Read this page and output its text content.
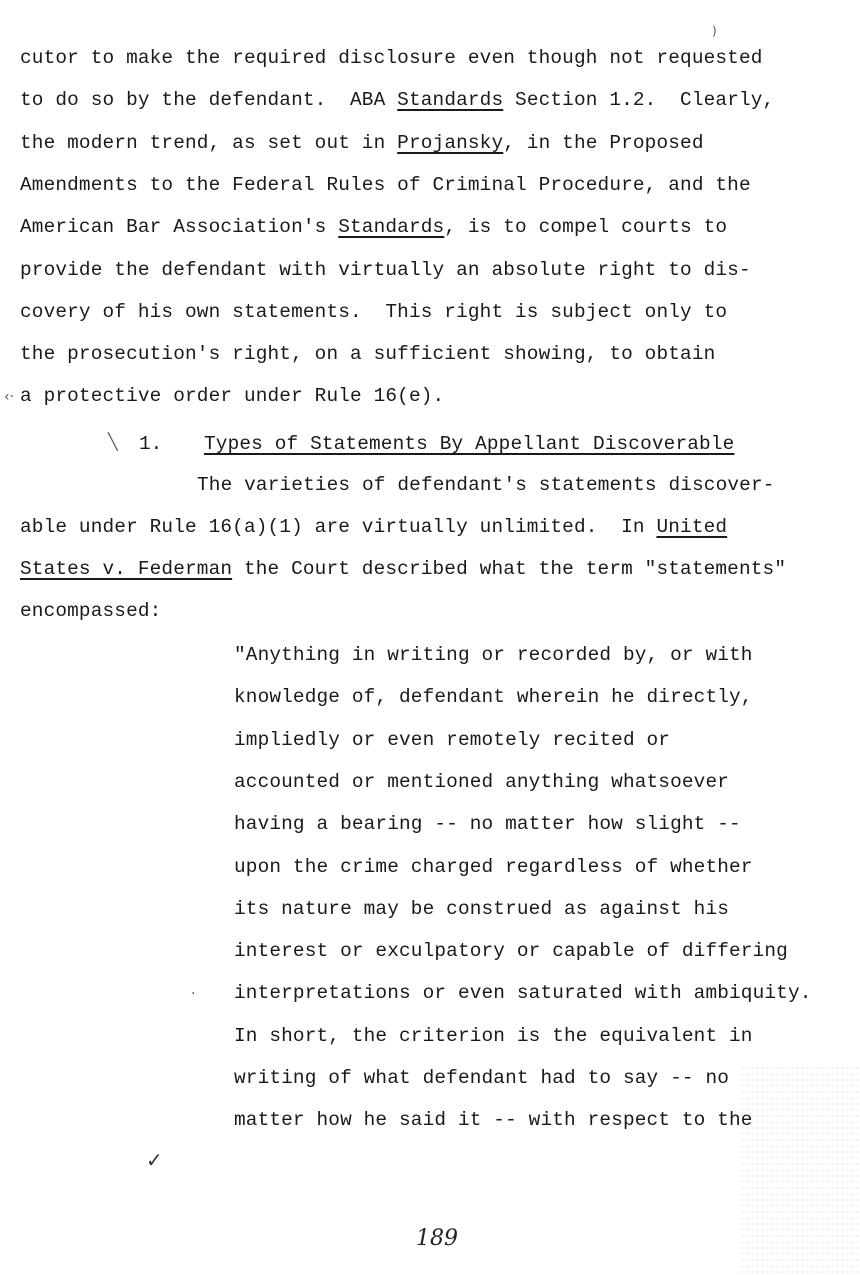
cutor to make the required disclosure even though not requested
to do so by the defendant.  ABA Standards Section 1.2.  Clearly,
the modern trend, as set out in Projansky, in the Proposed
Amendments to the Federal Rules of Criminal Procedure, and the
American Bar Association's Standards, is to compel courts to
provide the defendant with virtually an absolute right to dis-
covery of his own statements.  This right is subject only to
the prosecution's right, on a sufficient showing, to obtain
a protective order under Rule 16(e).
1. Types of Statements By Appellant Discoverable
The varieties of defendant's statements discover-
able under Rule 16(a)(1) are virtually unlimited.  In United
States v. Federman the Court described what the term "statements"
encompassed:
"Anything in writing or recorded by, or with
knowledge of, defendant wherein he directly,
impliedly or even remotely recited or
accounted or mentioned anything whatsoever
having a bearing -- no matter how slight --
upon the crime charged regardless of whether
its nature may be construed as against his
interest or exculpatory or capable of differing
interpretations or even saturated with ambiquity.
In short, the criterion is the equivalent in
writing of what defendant had to say -- no
matter how he said it -- with respect to the
189
‹·
╲
·
✓
)
